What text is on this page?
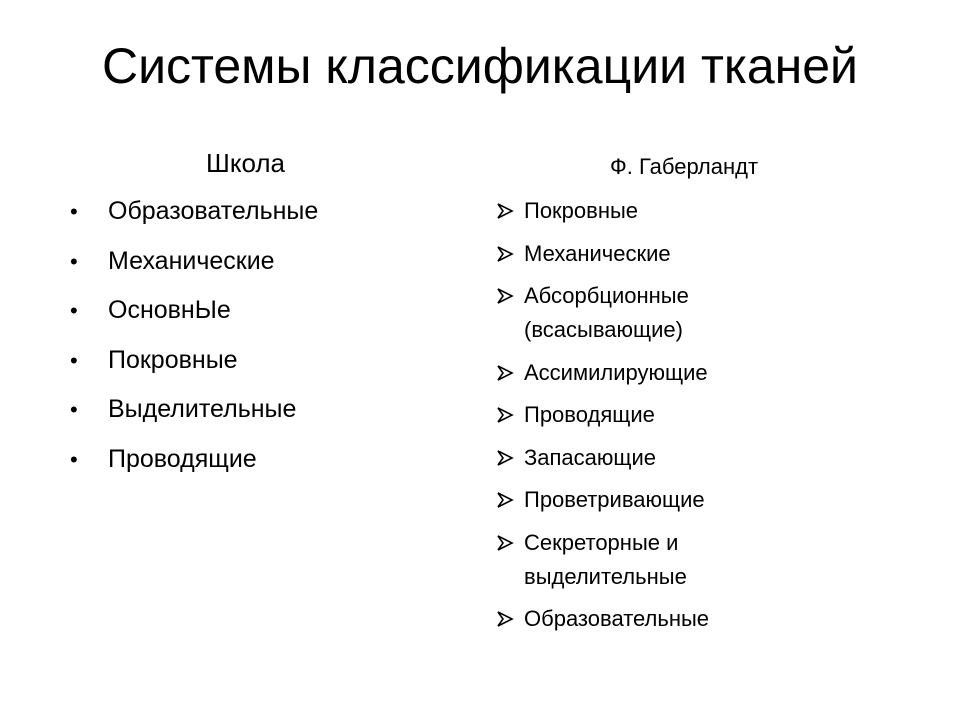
Системы классификации тканей
Школа
•	Образовательные
•	Механические
•	ОсновнЫе
•	Покровные
•	Выделительные
•	Проводящие
Ф. Габерландт
Покровные
Механические
Абсорбционные
(всасывающие)
Ассимилирующие
Проводящие
Запасающие
Проветривающие
Секреторные и
выделительные
Образовательные
